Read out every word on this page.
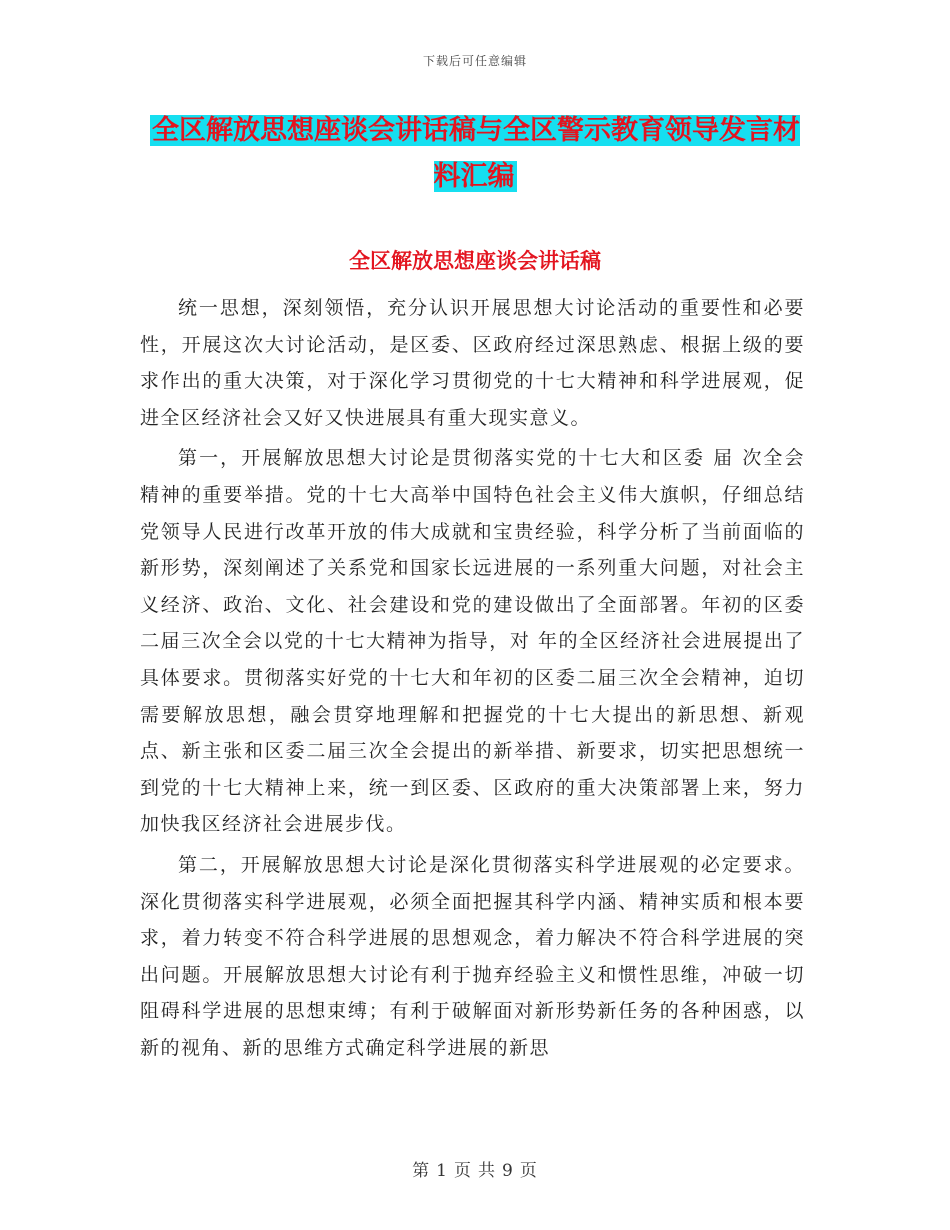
下载后可任意编辑
全区解放思想座谈会讲话稿与全区警示教育领导发言材料汇编
全区解放思想座谈会讲话稿

统一思想，深刻领悟，充分认识开展思想大讨论活动的重要性和必要性，开展这次大讨论活动，是区委、区政府经过深思熟虑、根据上级的要求作出的重大决策，对于深化学习贯彻党的十七大精神和科学进展观，促进全区经济社会又好又快进展具有重大现实意义。

第一，开展解放思想大讨论是贯彻落实党的十七大和区委 届 次全会精神的重要举措。党的十七大高举中国特色社会主义伟大旗帜，仔细总结党领导人民进行改革开放的伟大成就和宝贵经验，科学分析了当前面临的新形势，深刻阐述了关系党和国家长远进展的一系列重大问题，对社会主义经济、政治、文化、社会建设和党的建设做出了全面部署。年初的区委二届三次全会以党的十七大精神为指导，对 年的全区经济社会进展提出了具体要求。贯彻落实好党的十七大和年初的区委二届三次全会精神，迫切需要解放思想，融会贯穿地理解和把握党的十七大提出的新思想、新观点、新主张和区委二届三次全会提出的新举措、新要求，切实把思想统一到党的十七大精神上来，统一到区委、区政府的重大决策部署上来，努力加快我区经济社会进展步伐。

第二，开展解放思想大讨论是深化贯彻落实科学进展观的必定要求。深化贯彻落实科学进展观，必须全面把握其科学内涵、精神实质和根本要求，着力转变不符合科学进展的思想观念，着力解决不符合科学进展的突出问题。开展解放思想大讨论有利于抛弃经验主义和惯性思维，冲破一切阻碍科学进展的思想束缚；有利于破解面对新形势新任务的各种困惑，以新的视角、新的思维方式确定科学进展的新思

第 1 页 共 9 页
